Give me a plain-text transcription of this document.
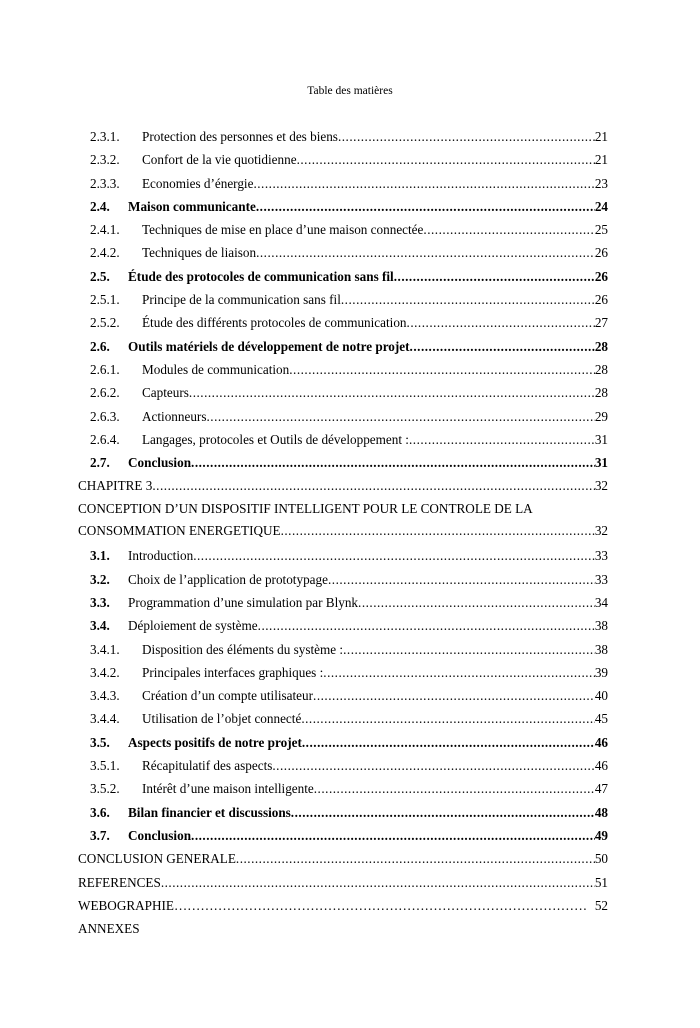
Table des matières
2.3.1.	Protection des personnes et des biens .....	21
2.3.2.	Confort de la vie quotidienne .....	21
2.3.3.	Economies d’énergie .....	23
2.4.	Maison communicante .....	24
2.4.1.	Techniques de mise en place d’une maison connectée .....	25
2.4.2.	Techniques de liaison .....	26
2.5.	Étude des protocoles de communication sans fil .....	26
2.5.1.	Principe de la communication sans fil .....	26
2.5.2.	Étude des différents protocoles de communication .....	27
2.6.	Outils matériels de développement de notre projet .....	28
2.6.1.	Modules de communication .....	28
2.6.2.	Capteurs .....	28
2.6.3.	Actionneurs .....	29
2.6.4.	Langages, protocoles et Outils de développement : .....	31
2.7.	Conclusion .....	31
CHAPITRE 3 .....	32
CONCEPTION D’UN DISPOSITIF INTELLIGENT POUR LE CONTROLE DE LA
CONSOMMATION ENERGETIQUE .....	32
3.1.	Introduction .....	33
3.2.	Choix de l’application de prototypage .....	33
3.3.	Programmation d’une simulation par Blynk .....	34
3.4.	Déploiement de système .....	38
3.4.1.	Disposition des éléments du système : .....	38
3.4.2.	Principales interfaces graphiques : .....	39
3.4.3.	Création d’un compte utilisateur .....	40
3.4.4.	Utilisation de l’objet connecté .....	45
3.5.	Aspects positifs de notre projet .....	46
3.5.1.	Récapitulatif des aspects .....	46
3.5.2.	Intérêt d’une maison intelligente .....	47
3.6.	Bilan financier et discussions .....	48
3.7.	Conclusion .....	49
CONCLUSION GENERALE .....	50
REFERENCES .....	51
WEBOGRAPHIE ……………………………………………………………………………………………………………………………	52
ANNEXES
